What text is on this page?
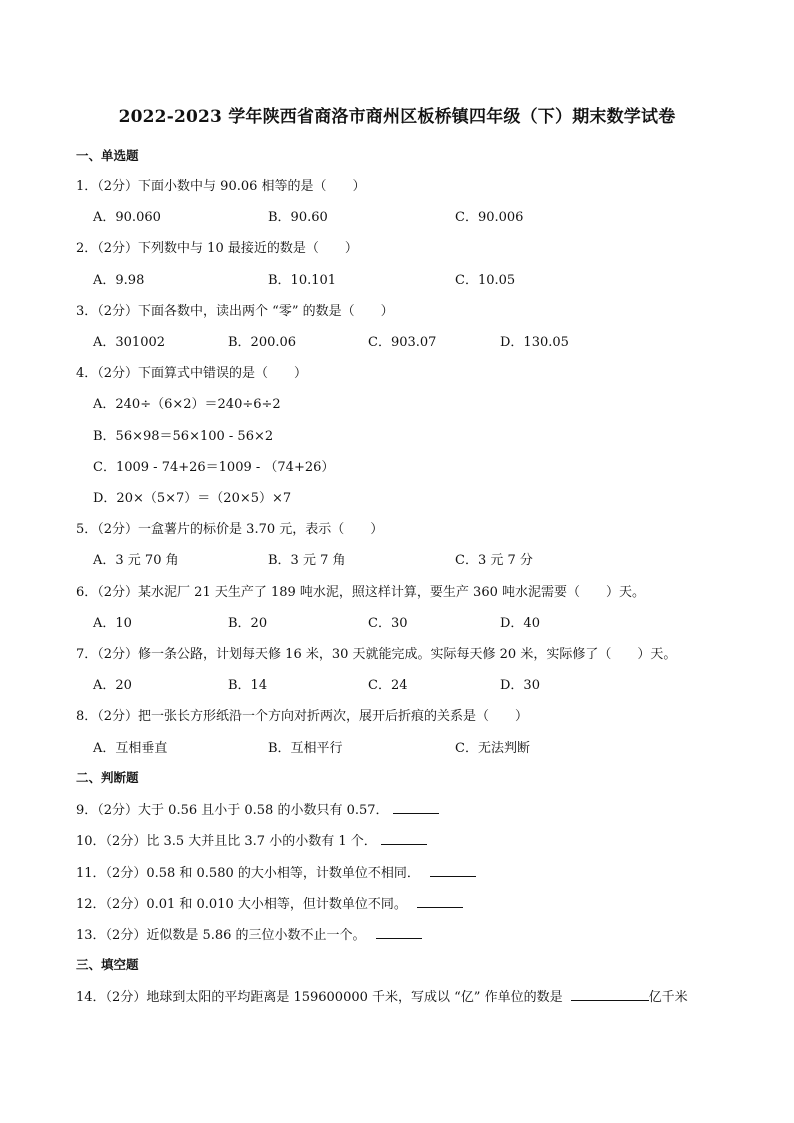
2022-2023 学年陕西省商洛市商州区板桥镇四年级（下）期末数学试卷
一、单选题
1．（2分）下面小数中与 90.06 相等的是（　　）
A．90.060	B．90.60	C．90.006
2．（2分）下列数中与 10 最接近的数是（　　）
A．9.98	B．10.101	C．10.05
3．（2分）下面各数中，读出两个 “零” 的数是（　　）
A．301002	B．200.06	C．903.07	D．130.05
4．（2分）下面算式中错误的是（　　）
A．240÷（6×2）＝240÷6÷2
B．56×98＝56×100 - 56×2
C．1009 - 74+26＝1009 - （74+26）
D．20×（5×7）＝（20×5）×7
5．（2分）一盒薯片的标价是 3.70 元，表示（　　）
A．3 元 70 角	B．3 元 7 角	C．3 元 7 分
6．（2分）某水泥厂 21 天生产了 189 吨水泥，照这样计算，要生产 360 吨水泥需要（　　）天。
A．10	B．20	C．30	D．40
7．（2分）修一条公路，计划每天修 16 米，30 天就能完成。实际每天修 20 米，实际修了（　　）天。
A．20	B．14	C．24	D．30
8．（2分）把一张长方形纸沿一个方向对折两次，展开后折痕的关系是（　　）
A．互相垂直	B．互相平行	C．无法判断
二、判断题
9．（2分）大于 0.56 且小于 0.58 的小数只有 0.57．
10．（2分）比 3.5 大并且比 3.7 小的小数有 1 个．
11．（2分）0.58 和 0.580 的大小相等，计数单位不相同．
12．（2分）0.01 和 0.010 大小相等，但计数单位不同。
13．（2分）近似数是 5.86 的三位小数不止一个。
三、填空题
14．（2分）地球到太阳的平均距离是 159600000 千米，写成以 “亿” 作单位的数是	亿千米
